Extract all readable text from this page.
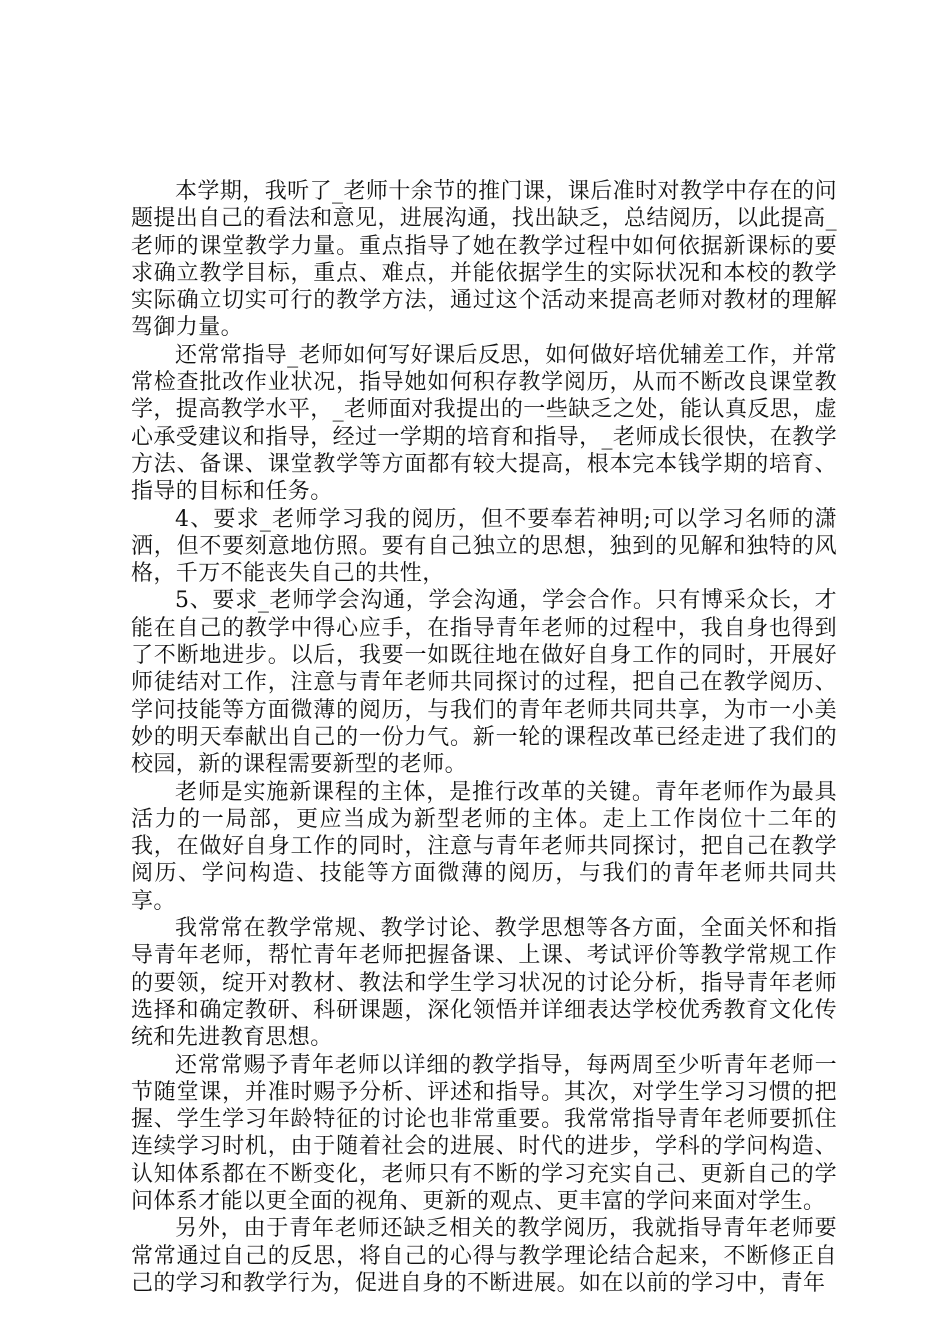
本学期，我听了_老师十余节的推门课，课后准时对教学中存在的问题提出自己的看法和意见，进展沟通，找出缺乏，总结阅历，以此提高_老师的课堂教学力量。重点指导了她在教学过程中如何依据新课标的要求确立教学目标，重点、难点，并能依据学生的实际状况和本校的教学实际确立切实可行的教学方法，通过这个活动来提高老师对教材的理解驾御力量。

还常常指导_老师如何写好课后反思，如何做好培优辅差工作，并常常检查批改作业状况，指导她如何积存教学阅历，从而不断改良课堂教学，提高教学水平，_老师面对我提出的一些缺乏之处，能认真反思，虚心承受建议和指导，经过一学期的培育和指导，_老师成长很快，在教学方法、备课、课堂教学等方面都有较大提高，根本完本钱学期的培育、指导的目标和任务。

4、要求_老师学习我的阅历，但不要奉若神明;可以学习名师的潇洒，但不要刻意地仿照。要有自己独立的思想，独到的见解和独特的风格，千万不能丧失自己的共性，

5、要求_老师学会沟通，学会沟通，学会合作。只有博采众长，才能在自己的教学中得心应手，在指导青年老师的过程中，我自身也得到了不断地进步。以后，我要一如既往地在做好自身工作的同时，开展好师徒结对工作，注意与青年老师共同探讨的过程，把自己在教学阅历、学问技能等方面微薄的阅历，与我们的青年老师共同共享，为市一小美妙的明天奉献出自己的一份力气。新一轮的课程改革已经走进了我们的校园，新的课程需要新型的老师。

老师是实施新课程的主体，是推行改革的关键。青年老师作为最具活力的一局部，更应当成为新型老师的主体。走上工作岗位十二年的我，在做好自身工作的同时，注意与青年老师共同探讨，把自己在教学阅历、学问构造、技能等方面微薄的阅历，与我们的青年老师共同共享。

我常常在教学常规、教学讨论、教学思想等各方面，全面关怀和指导青年老师，帮忙青年老师把握备课、上课、考试评价等教学常规工作的要领，绽开对教材、教法和学生学习状况的讨论分析，指导青年老师选择和确定教研、科研课题，深化领悟并详细表达学校优秀教育文化传统和先进教育思想。

还常常赐予青年老师以详细的教学指导，每两周至少听青年老师一节随堂课，并准时赐予分析、评述和指导。其次，对学生学习习惯的把握、学生学习年龄特征的讨论也非常重要。我常常指导青年老师要抓住连续学习时机，由于随着社会的进展、时代的进步，学科的学问构造、认知体系都在不断变化，老师只有不断的学习充实自己、更新自己的学问体系才能以更全面的视角、更新的观点、更丰富的学问来面对学生。

另外，由于青年老师还缺乏相关的教学阅历，我就指导青年老师要常常通过自己的反思，将自己的心得与教学理论结合起来，不断修正自己的学习和教学行为，促进自身的不断进展。如在以前的学习中，青年
